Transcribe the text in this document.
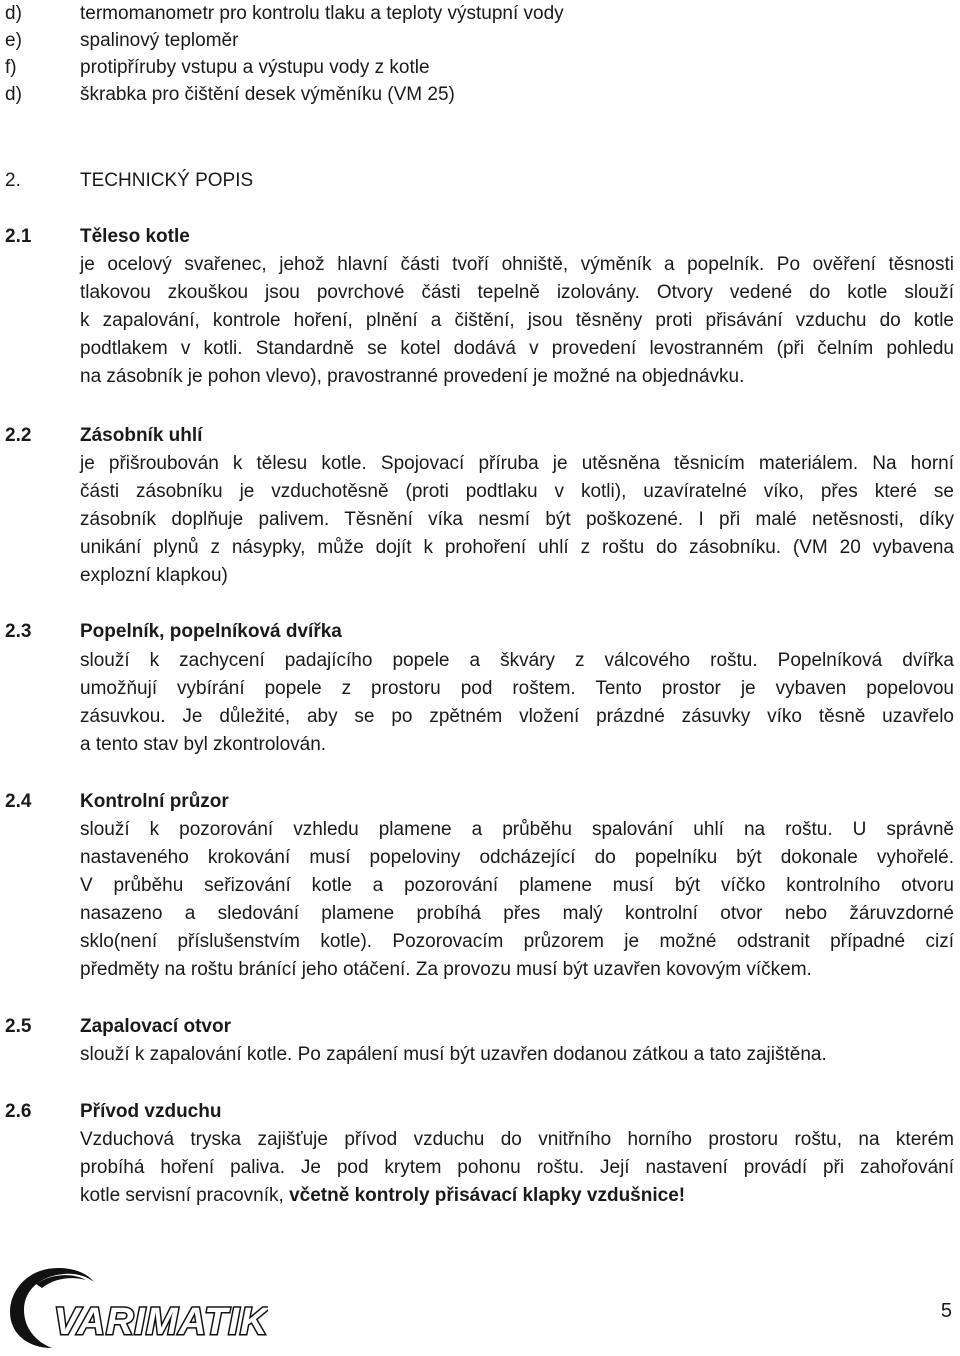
d)	termomanometr pro kontrolu tlaku a teploty výstupní vody
e)	spalinový teploměr
f)	protipříruby vstupu a výstupu vody z kotle
d)	škrabka pro čištění desek výměníku (VM 25)
2.	TECHNICKÝ POPIS
2.1	Těleso kotle
je ocelový svařenec, jehož hlavní části tvoří ohniště, výměník a popelník. Po ověření těsnosti
tlakovou zkouškou jsou povrchové části tepelně izolovány. Otvory vedené do kotle slouží
k zapalování, kontrole hoření, plnění a čištění, jsou těsněny proti přisávání vzduchu do kotle
podtlakem v kotli. Standardně se kotel dodává v provedení levostranném (při čelním pohledu
na zásobník je pohon vlevo), pravostranné provedení je možné na objednávku.
2.2	Zásobník uhlí
je přišroubován k tělesu kotle. Spojovací příruba je utěsněna těsnicím materiálem. Na horní
části zásobníku je vzduchotěsně (proti podtlaku v kotli), uzavíratelné víko, přes které se
zásobník doplňuje palivem. Těsnění víka nesmí být poškozené. I při malé netěsnosti, díky
unikání plynů z násypky, může dojít k prohoření uhlí z roštu do zásobníku. (VM 20 vybavena
explozní klapkou)
2.3	Popelník, popelníková dvířka
slouží k zachycení padajícího popele a škváry z válcového roštu. Popelníková dvířka
umožňují vybírání popele z prostoru pod roštem. Tento prostor je vybaven popelovou
zásuvkou. Je důležité, aby se po zpětném vložení prázdné zásuvky víko těsně uzavřelo
a tento stav byl zkontrolován.
2.4	Kontrolní průzor
slouží k pozorování vzhledu plamene a průběhu spalování uhlí na roštu. U správně
nastaveného krokování musí popeloviny odcházející do popelníku být dokonale vyhořelé.
V průběhu seřizování kotle a pozorování plamene musí být víčko kontrolního otvoru
nasazeno a sledování plamene probíhá přes malý kontrolní otvor nebo žáruvzdorné
sklo(není příslušenstvím kotle). Pozorovacím průzorem je možné odstranit případné cizí
předměty na roštu bránící jeho otáčení. Za provozu musí být uzavřen kovovým víčkem.
2.5	Zapalovací otvor
slouží k zapalování kotle. Po zapálení musí být uzavřen dodanou zátkou a tato zajištěna.
2.6	Přívod vzduchu
Vzduchová tryska zajišťuje přívod vzduchu do vnitřního horního prostoru roštu, na kterém
probíhá hoření paliva. Je pod krytem pohonu roštu. Její nastavení provádí při zahořování
kotle servisní pracovník, včetně kontroly přisávací klapky vzdušnice!
VARIMATIK	5
